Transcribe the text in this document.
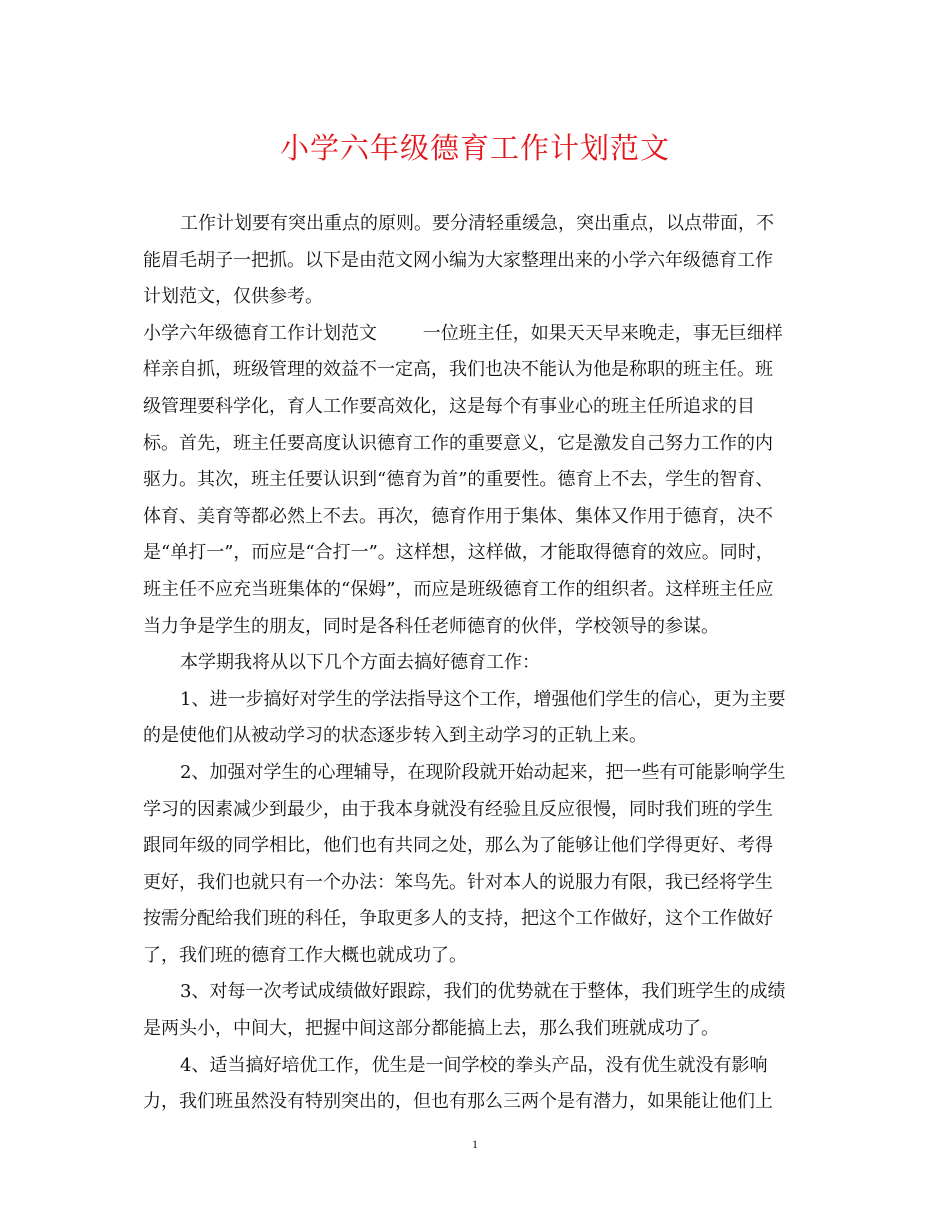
小学六年级德育工作计划范文
工作计划要有突出重点的原则。要分清轻重缓急，突出重点，以点带面，不
能眉毛胡子一把抓。以下是由范文网小编为大家整理出来的小学六年级德育工作
计划范文，仅供参考。
小学六年级德育工作计划范文        一位班主任，如果天天早来晚走，事无巨细样
样亲自抓，班级管理的效益不一定高，我们也决不能认为他是称职的班主任。班
级管理要科学化，育人工作要高效化，这是每个有事业心的班主任所追求的目
标。首先，班主任要高度认识德育工作的重要意义，它是激发自己努力工作的内
驱力。其次，班主任要认识到“德育为首”的重要性。德育上不去，学生的智育、
体育、美育等都必然上不去。再次，德育作用于集体、集体又作用于德育，决不
是“单打一”，而应是“合打一”。这样想，这样做，才能取得德育的效应。同时，
班主任不应充当班集体的“保姆”，而应是班级德育工作的组织者。这样班主任应
当力争是学生的朋友，同时是各科任老师德育的伙伴，学校领导的参谋。
本学期我将从以下几个方面去搞好德育工作：
1、进一步搞好对学生的学法指导这个工作，增强他们学生的信心，更为主要
的是使他们从被动学习的状态逐步转入到主动学习的正轨上来。
2、加强对学生的心理辅导，在现阶段就开始动起来，把一些有可能影响学生
学习的因素减少到最少，由于我本身就没有经验且反应很慢，同时我们班的学生
跟同年级的同学相比，他们也有共同之处，那么为了能够让他们学得更好、考得
更好，我们也就只有一个办法：笨鸟先。针对本人的说服力有限，我已经将学生
按需分配给我们班的科任，争取更多人的支持，把这个工作做好，这个工作做好
了，我们班的德育工作大概也就成功了。
3、对每一次考试成绩做好跟踪，我们的优势就在于整体，我们班学生的成绩
是两头小，中间大，把握中间这部分都能搞上去，那么我们班就成功了。
4、适当搞好培优工作，优生是一间学校的拳头产品，没有优生就没有影响
力，我们班虽然没有特别突出的，但也有那么三两个是有潜力，如果能让他们上
1
